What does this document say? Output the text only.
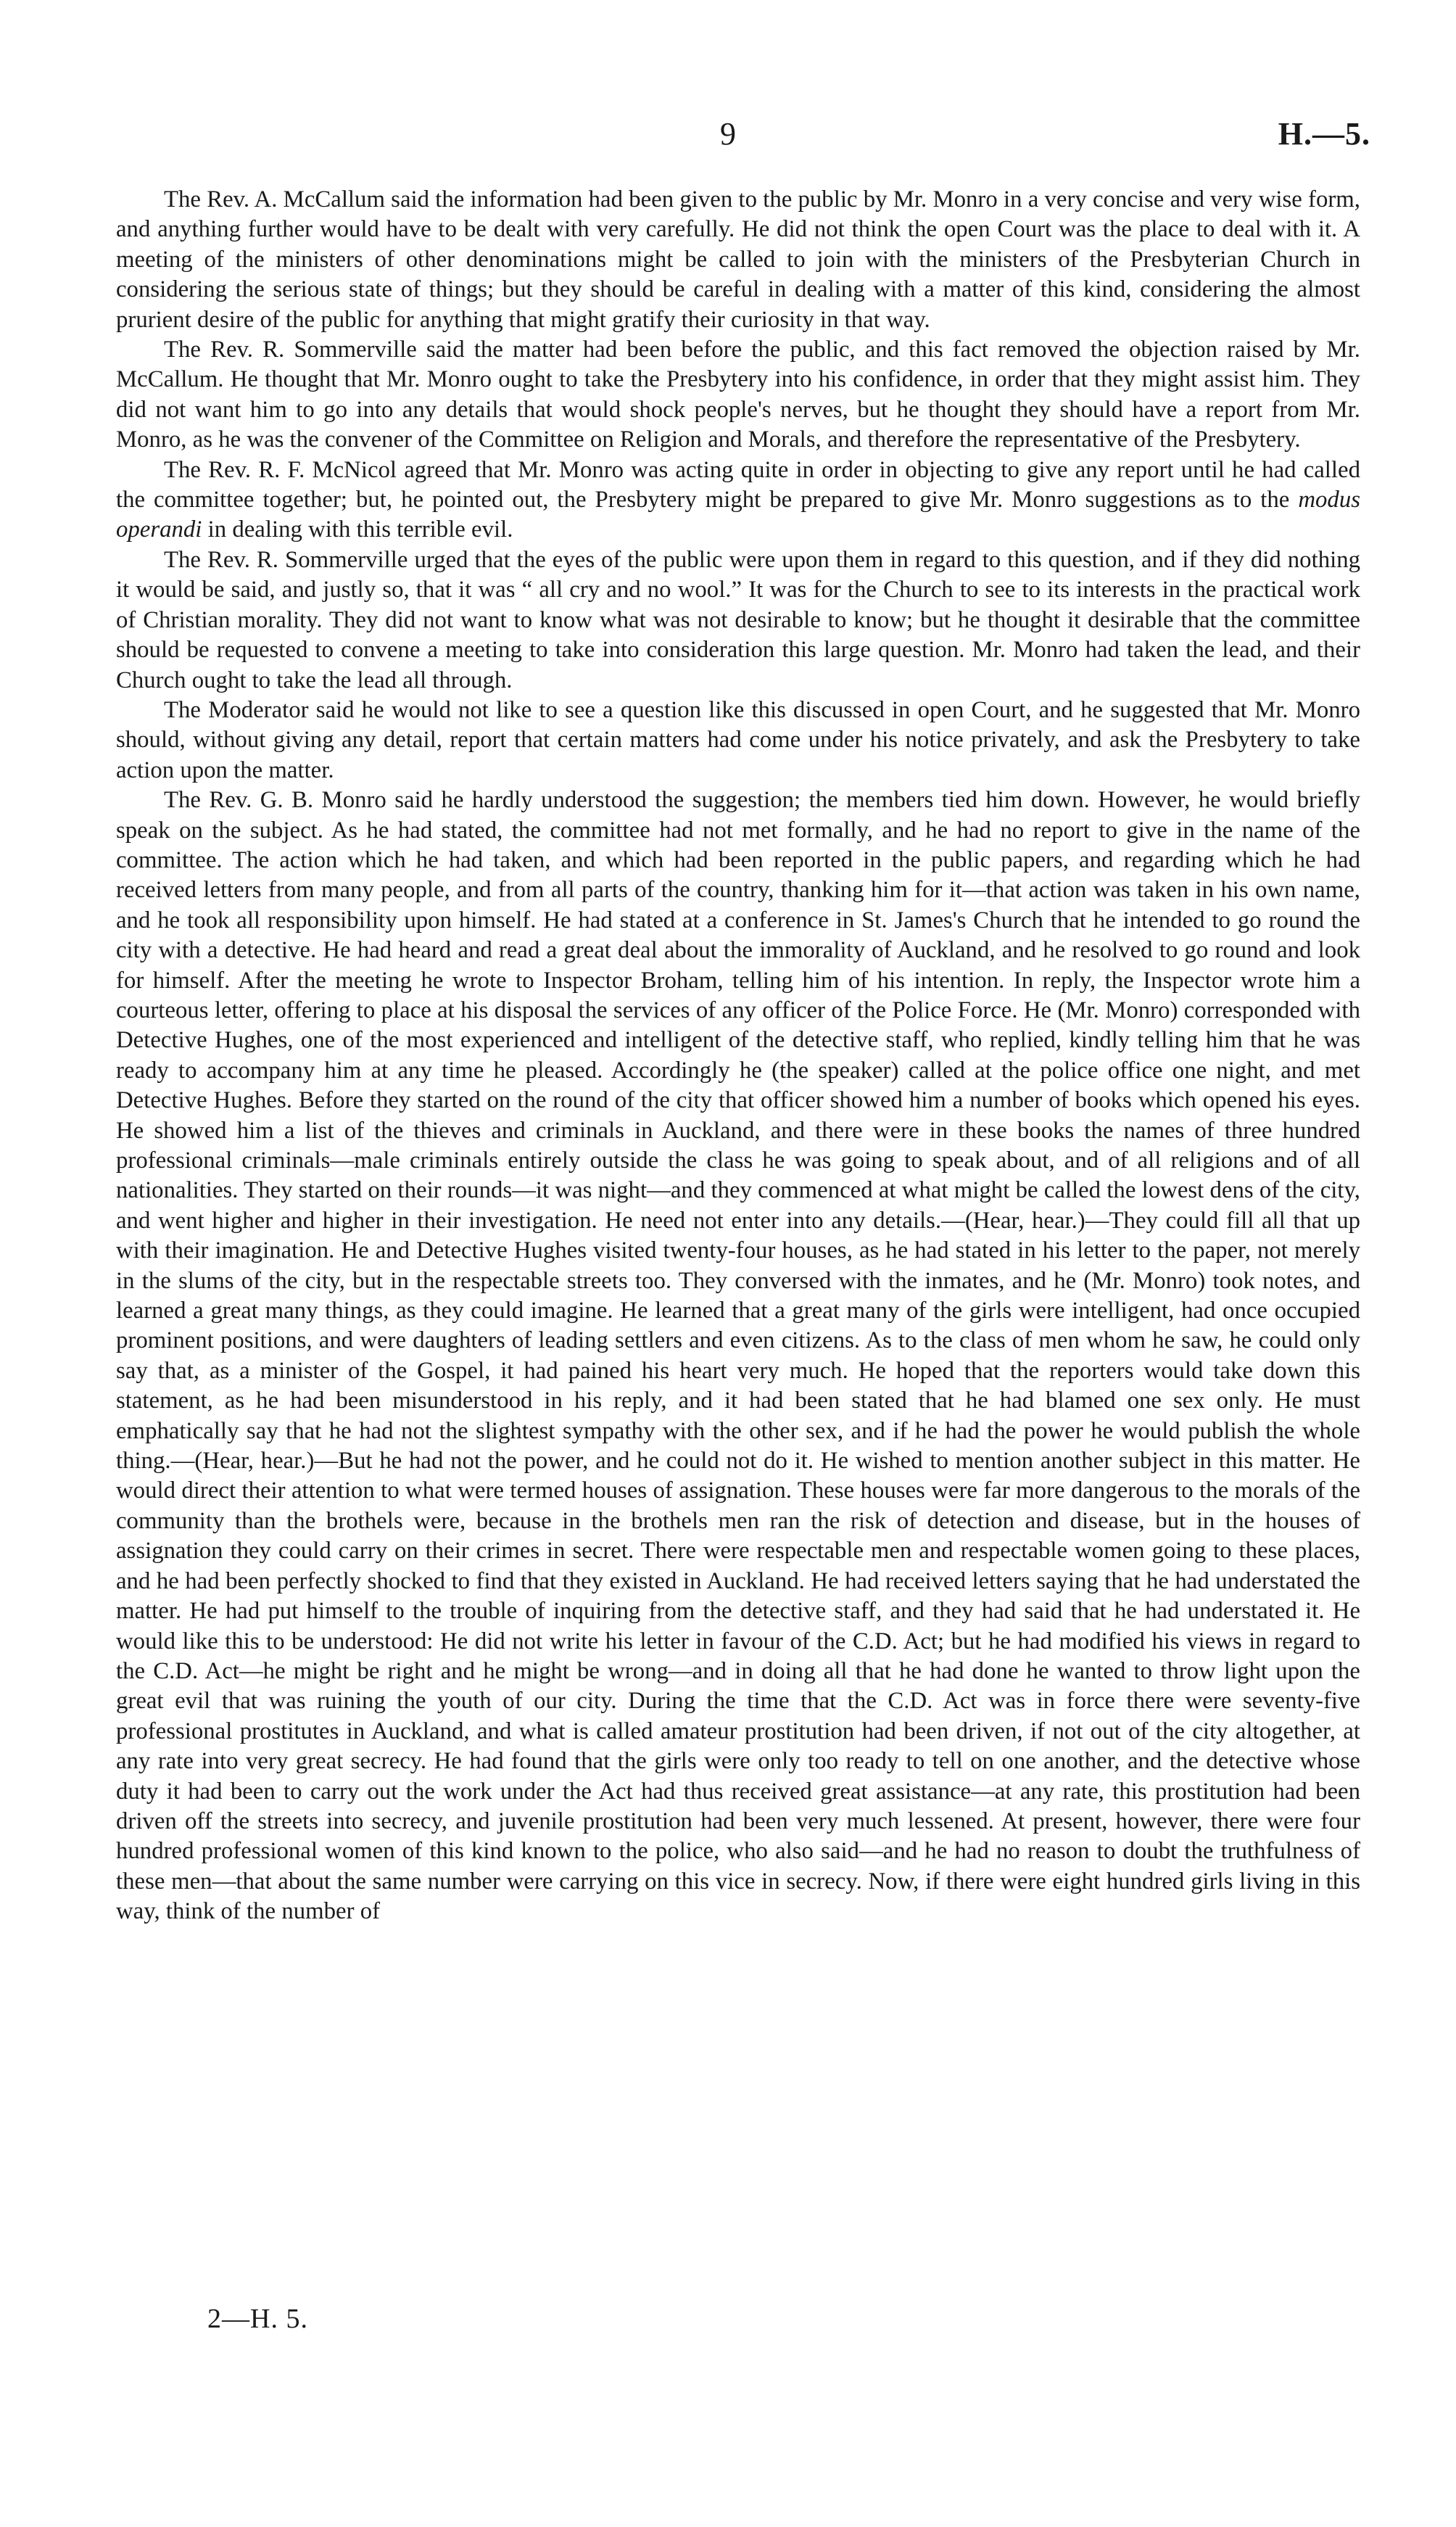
9	H.—5.

The Rev. A. McCallum said the information had been given to the public by Mr. Monro in a very concise and very wise form, and anything further would have to be dealt with very carefully. He did not think the open Court was the place to deal with it. A meeting of the ministers of other denominations might be called to join with the ministers of the Presbyterian Church in considering the serious state of things; but they should be careful in dealing with a matter of this kind, considering the almost prurient desire of the public for anything that might gratify their curiosity in that way.

The Rev. R. Sommerville said the matter had been before the public, and this fact removed the objection raised by Mr. McCallum. He thought that Mr. Monro ought to take the Presbytery into his confidence, in order that they might assist him. They did not want him to go into any details that would shock people's nerves, but he thought they should have a report from Mr. Monro, as he was the convener of the Committee on Religion and Morals, and therefore the representative of the Presbytery.

The Rev. R. F. McNicol agreed that Mr. Monro was acting quite in order in objecting to give any report until he had called the committee together; but, he pointed out, the Presbytery might be prepared to give Mr. Monro suggestions as to the modus operandi in dealing with this terrible evil.

The Rev. R. Sommerville urged that the eyes of the public were upon them in regard to this question, and if they did nothing it would be said, and justly so, that it was “ all cry and no wool.” It was for the Church to see to its interests in the practical work of Christian morality. They did not want to know what was not desirable to know; but he thought it desirable that the committee should be requested to convene a meeting to take into consideration this large question. Mr. Monro had taken the lead, and their Church ought to take the lead all through.

The Moderator said he would not like to see a question like this discussed in open Court, and he suggested that Mr. Monro should, without giving any detail, report that certain matters had come under his notice privately, and ask the Presbytery to take action upon the matter.

The Rev. G. B. Monro said he hardly understood the suggestion; the members tied him down. However, he would briefly speak on the subject. As he had stated, the committee had not met formally, and he had no report to give in the name of the committee. The action which he had taken, and which had been reported in the public papers, and regarding which he had received letters from many people, and from all parts of the country, thanking him for it—that action was taken in his own name, and he took all responsibility upon himself. He had stated at a conference in St. James's Church that he intended to go round the city with a detective. He had heard and read a great deal about the immorality of Auckland, and he resolved to go round and look for himself. After the meeting he wrote to Inspector Broham, telling him of his intention. In reply, the Inspector wrote him a courteous letter, offering to place at his disposal the services of any officer of the Police Force. He (Mr. Monro) corresponded with Detective Hughes, one of the most experienced and intelligent of the detective staff, who replied, kindly telling him that he was ready to accompany him at any time he pleased. Accordingly he (the speaker) called at the police office one night, and met Detective Hughes. Before they started on the round of the city that officer showed him a number of books which opened his eyes. He showed him a list of the thieves and criminals in Auckland, and there were in these books the names of three hundred professional criminals—male criminals entirely outside the class he was going to speak about, and of all religions and of all nationalities. They started on their rounds—it was night—and they commenced at what might be called the lowest dens of the city, and went higher and higher in their investigation. He need not enter into any details.—(Hear, hear.)—They could fill all that up with their imagination. He and Detective Hughes visited twenty-four houses, as he had stated in his letter to the paper, not merely in the slums of the city, but in the respectable streets too. They conversed with the inmates, and he (Mr. Monro) took notes, and learned a great many things, as they could imagine. He learned that a great many of the girls were intelligent, had once occupied prominent positions, and were daughters of leading settlers and even citizens. As to the class of men whom he saw, he could only say that, as a minister of the Gospel, it had pained his heart very much. He hoped that the reporters would take down this statement, as he had been misunderstood in his reply, and it had been stated that he had blamed one sex only. He must emphatically say that he had not the slightest sympathy with the other sex, and if he had the power he would publish the whole thing.—(Hear, hear.)—But he had not the power, and he could not do it. He wished to mention another subject in this matter. He would direct their attention to what were termed houses of assignation. These houses were far more dangerous to the morals of the community than the brothels were, because in the brothels men ran the risk of detection and disease, but in the houses of assignation they could carry on their crimes in secret. There were respectable men and respectable women going to these places, and he had been perfectly shocked to find that they existed in Auckland. He had received letters saying that he had understated the matter. He had put himself to the trouble of inquiring from the detective staff, and they had said that he had understated it. He would like this to be understood: He did not write his letter in favour of the C.D. Act; but he had modified his views in regard to the C.D. Act—he might be right and he might be wrong—and in doing all that he had done he wanted to throw light upon the great evil that was ruining the youth of our city. During the time that the C.D. Act was in force there were seventy-five professional prostitutes in Auckland, and what is called amateur prostitution had been driven, if not out of the city altogether, at any rate into very great secrecy. He had found that the girls were only too ready to tell on one another, and the detective whose duty it had been to carry out the work under the Act had thus received great assistance—at any rate, this prostitution had been driven off the streets into secrecy, and juvenile prostitution had been very much lessened. At present, however, there were four hundred professional women of this kind known to the police, who also said—and he had no reason to doubt the truthfulness of these men—that about the same number were carrying on this vice in secrecy. Now, if there were eight hundred girls living in this way, think of the number of

2—H. 5.
